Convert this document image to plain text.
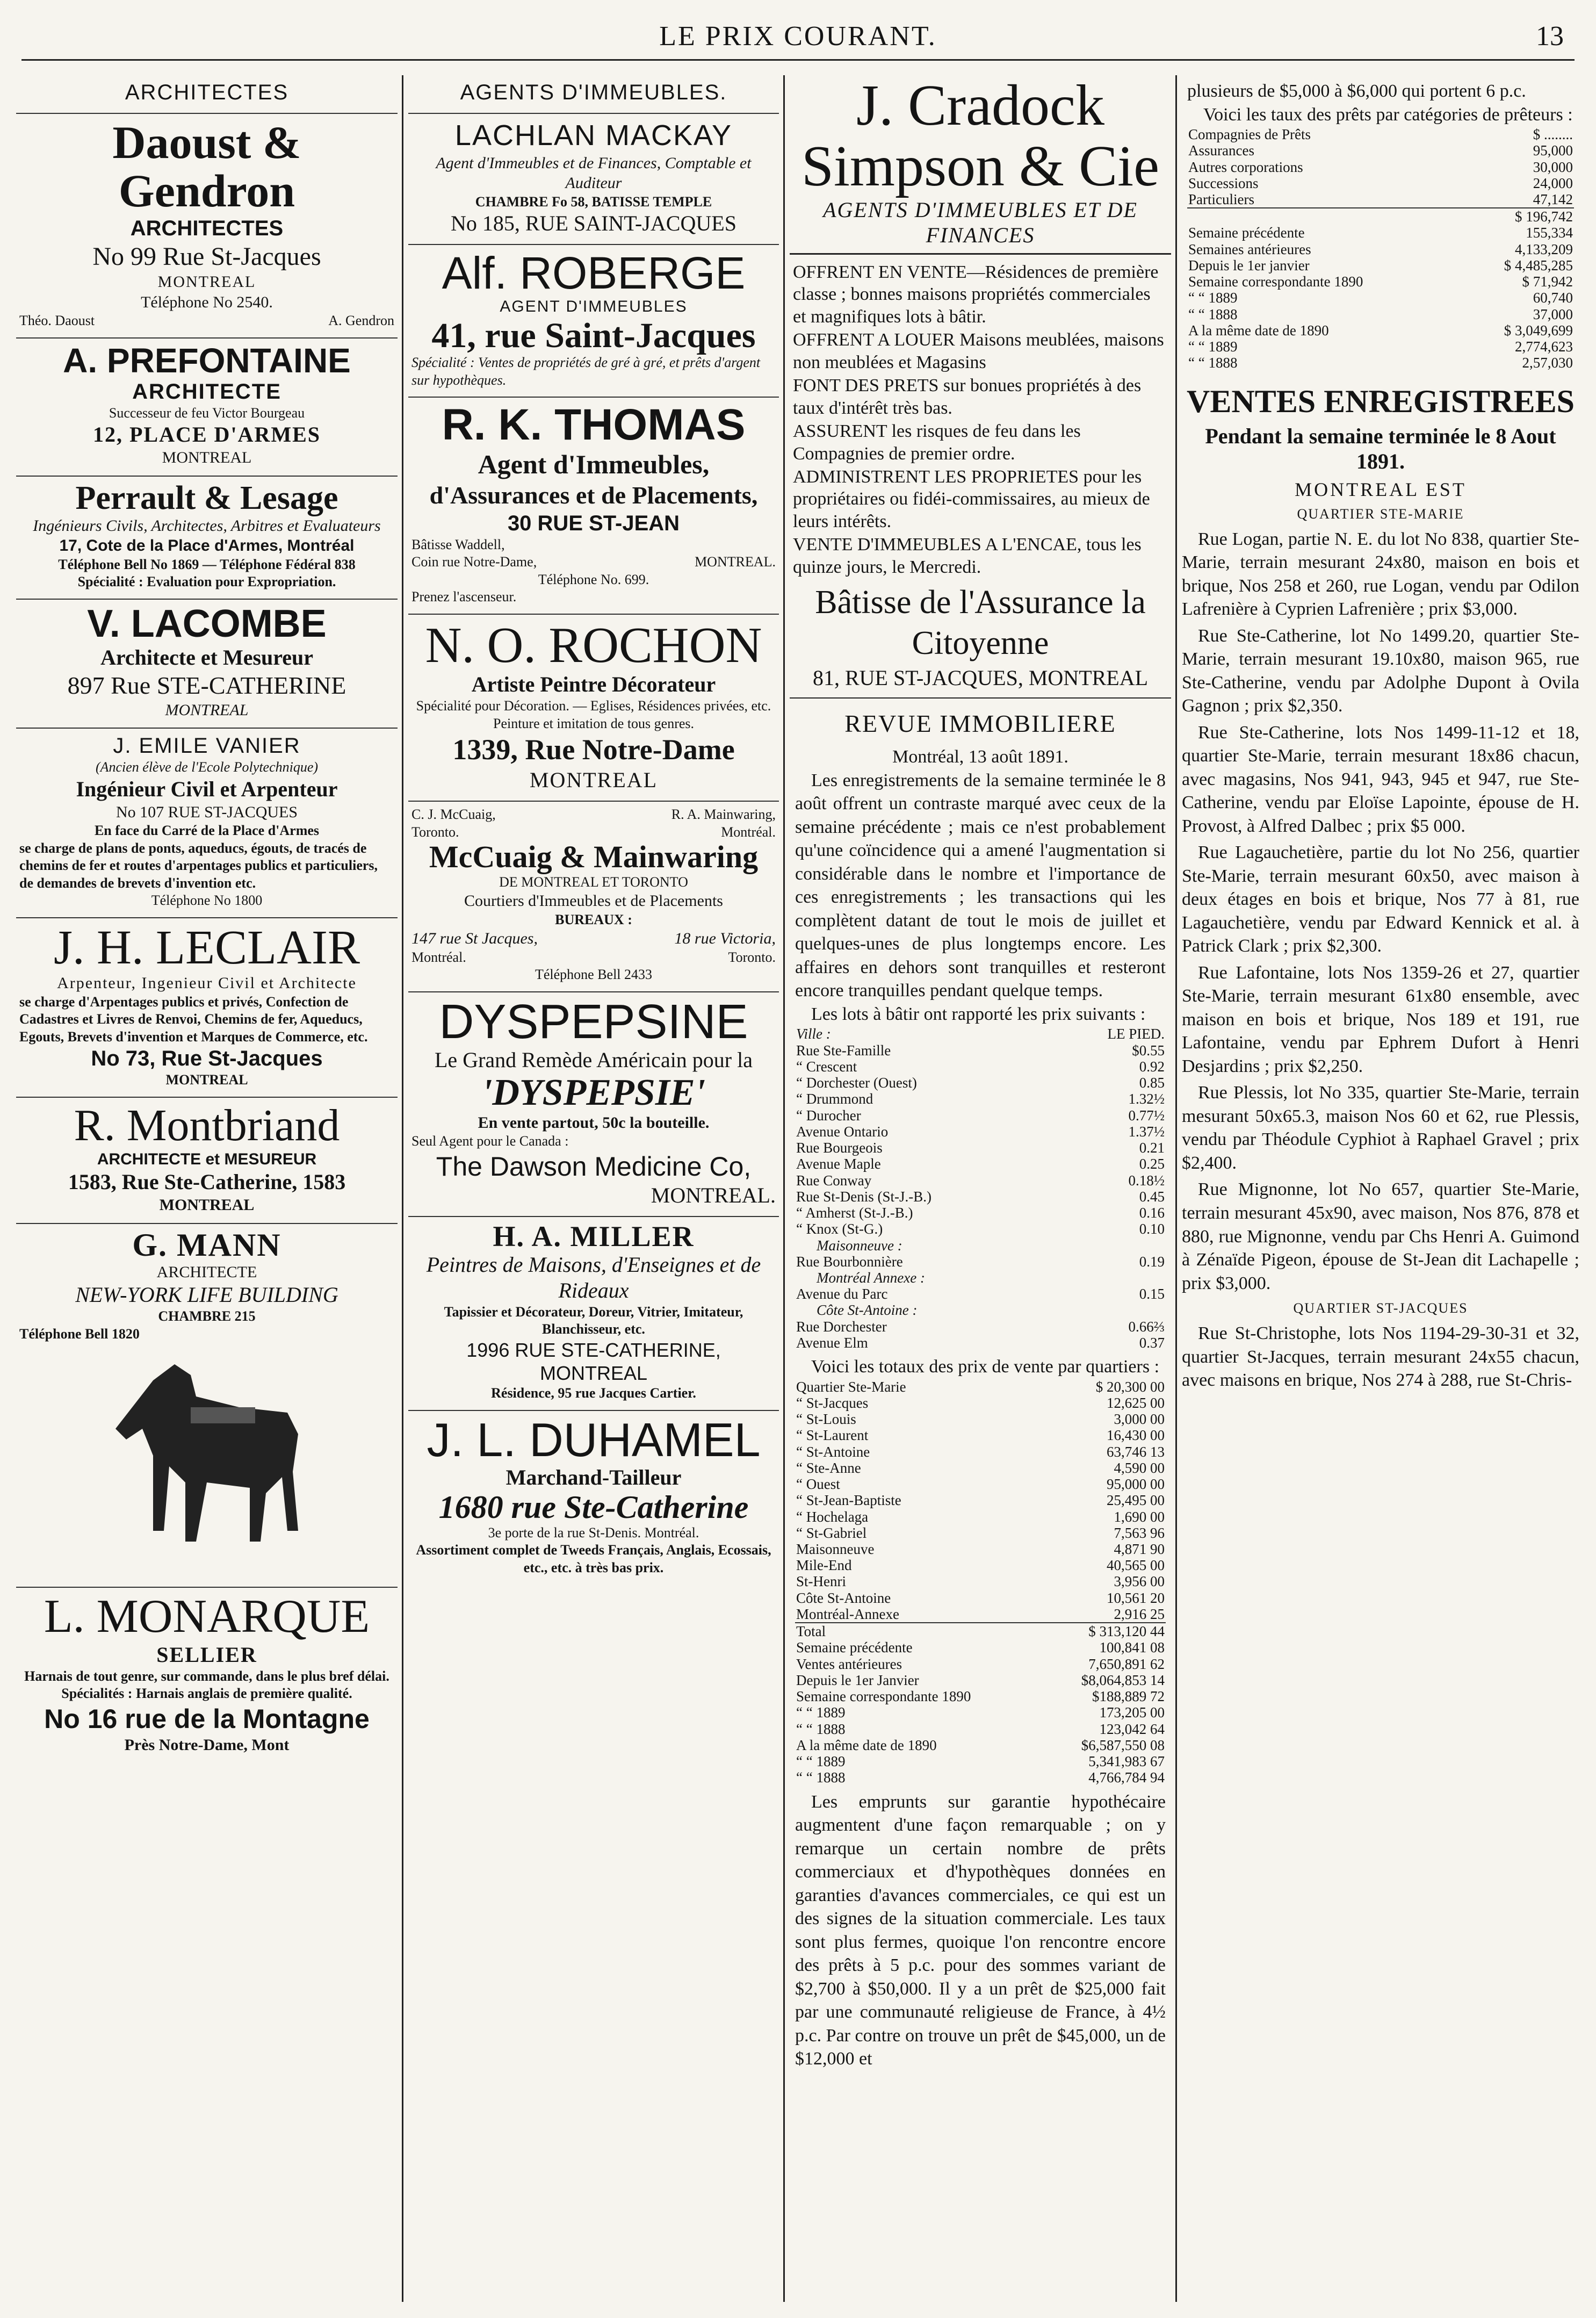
LE PRIX COURANT.	13
ARCHITECTES
Daoust & Gendron
ARCHITECTES
No 99 Rue St-Jacques
MONTREAL
Téléphone No 2540.
Théo. Daoust	A. Gendron
A. PREFONTAINE
ARCHITECTE
Successeur de feu Victor Bourgeau
12, PLACE D'ARMES
MONTREAL
Perrault & Lesage
Ingénieurs Civils, Architectes, Arbitres et Evaluateurs
17, Cote de la Place d'Armes, Montréal
Téléphone Bell No 1869 — Téléphone Fédéral 838
Spécialité : Evaluation pour Expropriation.
V. LACOMBE
Architecte et Mesureur
897 Rue STE-CATHERINE
MONTREAL
J. EMILE VANIER
(Ancien élève de l'Ecole Polytechnique)
Ingénieur Civil et Arpenteur
No 107 RUE ST-JACQUES
En face du Carré de la Place d'Armes
se charge de plans de ponts, aqueducs, égouts, de tracés de chemins de fer et routes d'arpentages publics et particuliers, de demandes de brevets d'invention etc.
Téléphone No 1800
J. H. LECLAIR
Arpenteur, Ingenieur Civil et Architecte
se charge d'Arpentages publics et privés, Confection de Cadastres et Livres de Renvoi, Chemins de fer, Aqueducs, Egouts, Brevets d'invention et Marques de Commerce, etc.
No 73, Rue St-Jacques
MONTREAL
R. Montbriand
ARCHITECTE et MESUREUR
1583, Rue Ste-Catherine, 1583
MONTREAL
G. MANN
ARCHITECTE
NEW-YORK LIFE BUILDING
CHAMBRE 215
Téléphone Bell 1820
L. MONARQUE
SELLIER
Harnais de tout genre, sur commande, dans le plus bref délai.
Spécialités : Harnais anglais de première qualité.
No 16 rue de la Montagne
Près Notre-Dame, Mont
AGENTS D'IMMEUBLES.
LACHLAN MACKAY
Agent d'Immeubles et de Finances, Comptable et Auditeur
CHAMBRE Fo 58, BATISSE TEMPLE
No 185, RUE SAINT-JACQUES
Alf. ROBERGE
AGENT D'IMMEUBLES
41, rue Saint-Jacques
Spécialité : Ventes de propriétés de gré à gré, et prêts d'argent sur hypothèques.
R. K. THOMAS
Agent d'Immeubles,
d'Assurances et de Placements,
30 RUE ST-JEAN
Bâtisse Waddell,
Coin rue Notre-Dame,	MONTREAL.
Téléphone No. 699.
Prenez l'ascenseur.
N. O. ROCHON
Artiste Peintre Décorateur
Spécialité pour Décoration. — Eglises, Résidences privées, etc.
Peinture et imitation de tous genres.
1339, Rue Notre-Dame
MONTREAL
C. J. McCuaig,	R. A. Mainwaring,
Toronto.	Montréal.
McCuaig & Mainwaring
DE MONTREAL ET TORONTO
Courtiers d'Immeubles et de Placements
BUREAUX :
147 rue St Jacques,	18 rue Victoria,
Montréal.	Toronto.
Téléphone Bell 2433
DYSPEPSINE
Le Grand Remède Américain pour la
'DYSPEPSIE'
En vente partout, 50c la bouteille.
Seul Agent pour le Canada :
The Dawson Medicine Co,
MONTREAL.
H. A. MILLER
Peintres de Maisons, d'Enseignes et de Rideaux
Tapissier et Décorateur, Doreur, Vitrier, Imitateur, Blanchisseur, etc.
1996 RUE STE-CATHERINE, MONTREAL
Résidence, 95 rue Jacques Cartier.
J. L. DUHAMEL
Marchand-Tailleur
1680 rue Ste-Catherine
3e porte de la rue St-Denis. Montréal.
Assortiment complet de Tweeds Français, Anglais, Ecossais, etc., etc. à très bas prix.
J. Cradock Simpson & Cie
AGENTS D'IMMEUBLES ET DE FINANCES
OFFRENT EN VENTE—Résidences de première classe ; bonnes maisons propriétés commerciales et magnifiques lots à bâtir.
OFFRENT A LOUER Maisons meublées, maisons non meublées et Magasins
FONT DES PRETS sur bonues propriétés à des taux d'intérêt très bas.
ASSURENT les risques de feu dans les Compagnies de premier ordre.
ADMINISTRENT LES PROPRIETES pour les propriétaires ou fidéi-commissaires, au mieux de leurs intérêts.
VENTE D'IMMEUBLES A L'ENCAE, tous les quinze jours, le Mercredi.
Bâtisse de l'Assurance la Citoyenne
81, RUE ST-JACQUES, MONTREAL
REVUE IMMOBILIERE
Montréal, 13 août 1891.
Les enregistrements de la semaine terminée le 8 août offrent un contraste marqué avec ceux de la semaine précédente ; mais ce n'est probablement qu'une coïncidence qui a amené l'augmentation si considérable dans le nombre et l'importance de ces enregistrements ; les transactions qui les complètent datant de tout le mois de juillet et quelques-unes de plus longtemps encore. Les affaires en dehors sont tranquilles et resteront encore tranquilles pendant quelque temps.
Les lots à bâtir ont rapporté les prix suivants :
Ville :	LE PIED.
Rue Ste-Famille	$0.55
“ Crescent	0.92
“ Dorchester (Ouest)	0.85
“ Drummond	1.32½
“ Durocher	0.77½
Avenue Ontario	1.37½
Rue Bourgeois	0.21
Avenue Maple	0.25
Rue Conway	0.18½
Rue St-Denis (St-J.-B.)	0.45
“ Amherst (St-J.-B.)	0.16
“ Knox (St-G.)	0.10
Maisonneuve :	
Rue Bourbonnière	0.19
Montréal Annexe :	
Avenue du Parc	0.15
Côte St-Antoine :	
Rue Dorchester	0.66⅔
Avenue Elm	0.37
Voici les totaux des prix de vente par quartiers :
Quartier Ste-Marie	$ 20,300 00
“ St-Jacques	12,625 00
“ St-Louis	3,000 00
“ St-Laurent	16,430 00
“ St-Antoine	63,746 13
“ Ste-Anne	4,590 00
“ Ouest	95,000 00
“ St-Jean-Baptiste	25,495 00
“ Hochelaga	1,690 00
“ St-Gabriel	7,563 96
Maisonneuve	4,871 90
Mile-End	40,565 00
St-Henri	3,956 00
Côte St-Antoine	10,561 20
Montréal-Annexe	2,916 25
Total	$ 313,120 44
Semaine précédente	100,841 08
Ventes antérieures	7,650,891 62
Depuis le 1er Janvier	$8,064,853 14
Semaine correspondante 1890	$188,889 72
“ “ 1889	173,205 00
“ “ 1888	123,042 64
A la même date de 1890	$6,587,550 08
“ “ 1889	5,341,983 67
“ “ 1888	4,766,784 94
Les emprunts sur garantie hypothécaire augmentent d'une façon remarquable ; on y remarque un certain nombre de prêts commerciaux et d'hypothèques données en garanties d'avances commerciales, ce qui est un des signes de la situation commerciale. Les taux sont plus fermes, quoique l'on rencontre encore des prêts à 5 p.c. pour des sommes variant de $2,700 à $50,000. Il y a un prêt de $25,000 fait par une communauté religieuse de France, à 4½ p.c. Par contre on trouve un prêt de $45,000, un de $12,000 et
plusieurs de $5,000 à $6,000 qui portent 6 p.c.
Voici les taux des prêts par catégories de prêteurs :
Compagnies de Prêts	$ ........
Assurances	95,000
Autres corporations	30,000
Successions	24,000
Particuliers	47,142
	$ 196,742
Semaine précédente	155,334
Semaines antérieures	4,133,209
Depuis le 1er janvier	$ 4,485,285
Semaine correspondante 1890	$ 71,942
“ “ 1889	60,740
“ “ 1888	37,000
A la même date de 1890	$ 3,049,699
“ “ 1889	2,774,623
“ “ 1888	2,57,030
VENTES ENREGISTREES
Pendant la semaine terminée le 8 Aout 1891.
MONTREAL EST
QUARTIER STE-MARIE
Rue Logan, partie N. E. du lot No 838, quartier Ste-Marie, terrain mesurant 24x80, maison en bois et brique, Nos 258 et 260, rue Logan, vendu par Odilon Lafrenière à Cyprien Lafrenière ; prix $3,000.
Rue Ste-Catherine, lot No 1499.20, quartier Ste-Marie, terrain mesurant 19.10x80, maison 965, rue Ste-Catherine, vendu par Adolphe Dupont à Ovila Gagnon ; prix $2,350.
Rue Ste-Catherine, lots Nos 1499-11-12 et 18, quartier Ste-Marie, terrain mesurant 18x86 chacun, avec magasins, Nos 941, 943, 945 et 947, rue Ste-Catherine, vendu par Eloïse Lapointe, épouse de H. Provost, à Alfred Dalbec ; prix $5 000.
Rue Lagauchetière, partie du lot No 256, quartier Ste-Marie, terrain mesurant 60x50, avec maison à deux étages en bois et brique, Nos 77 à 81, rue Lagauchetière, vendu par Edward Kennick et al. à Patrick Clark ; prix $2,300.
Rue Lafontaine, lots Nos 1359-26 et 27, quartier Ste-Marie, terrain mesurant 61x80 ensemble, avec maison en bois et brique, Nos 189 et 191, rue Lafontaine, vendu par Ephrem Dufort à Henri Desjardins ; prix $2,250.
Rue Plessis, lot No 335, quartier Ste-Marie, terrain mesurant 50x65.3, maison Nos 60 et 62, rue Plessis, vendu par Théodule Cyphiot à Raphael Gravel ; prix $2,400.
Rue Mignonne, lot No 657, quartier Ste-Marie, terrain mesurant 45x90, avec maison, Nos 876, 878 et 880, rue Mignonne, vendu par Chs Henri A. Guimond à Zénaïde Pigeon, épouse de St-Jean dit Lachapelle ; prix $3,000.
QUARTIER ST-JACQUES
Rue St-Christophe, lots Nos 1194-29-30-31 et 32, quartier St-Jacques, terrain mesurant 24x55 chacun, avec maisons en brique, Nos 274 à 288, rue St-Chris-
